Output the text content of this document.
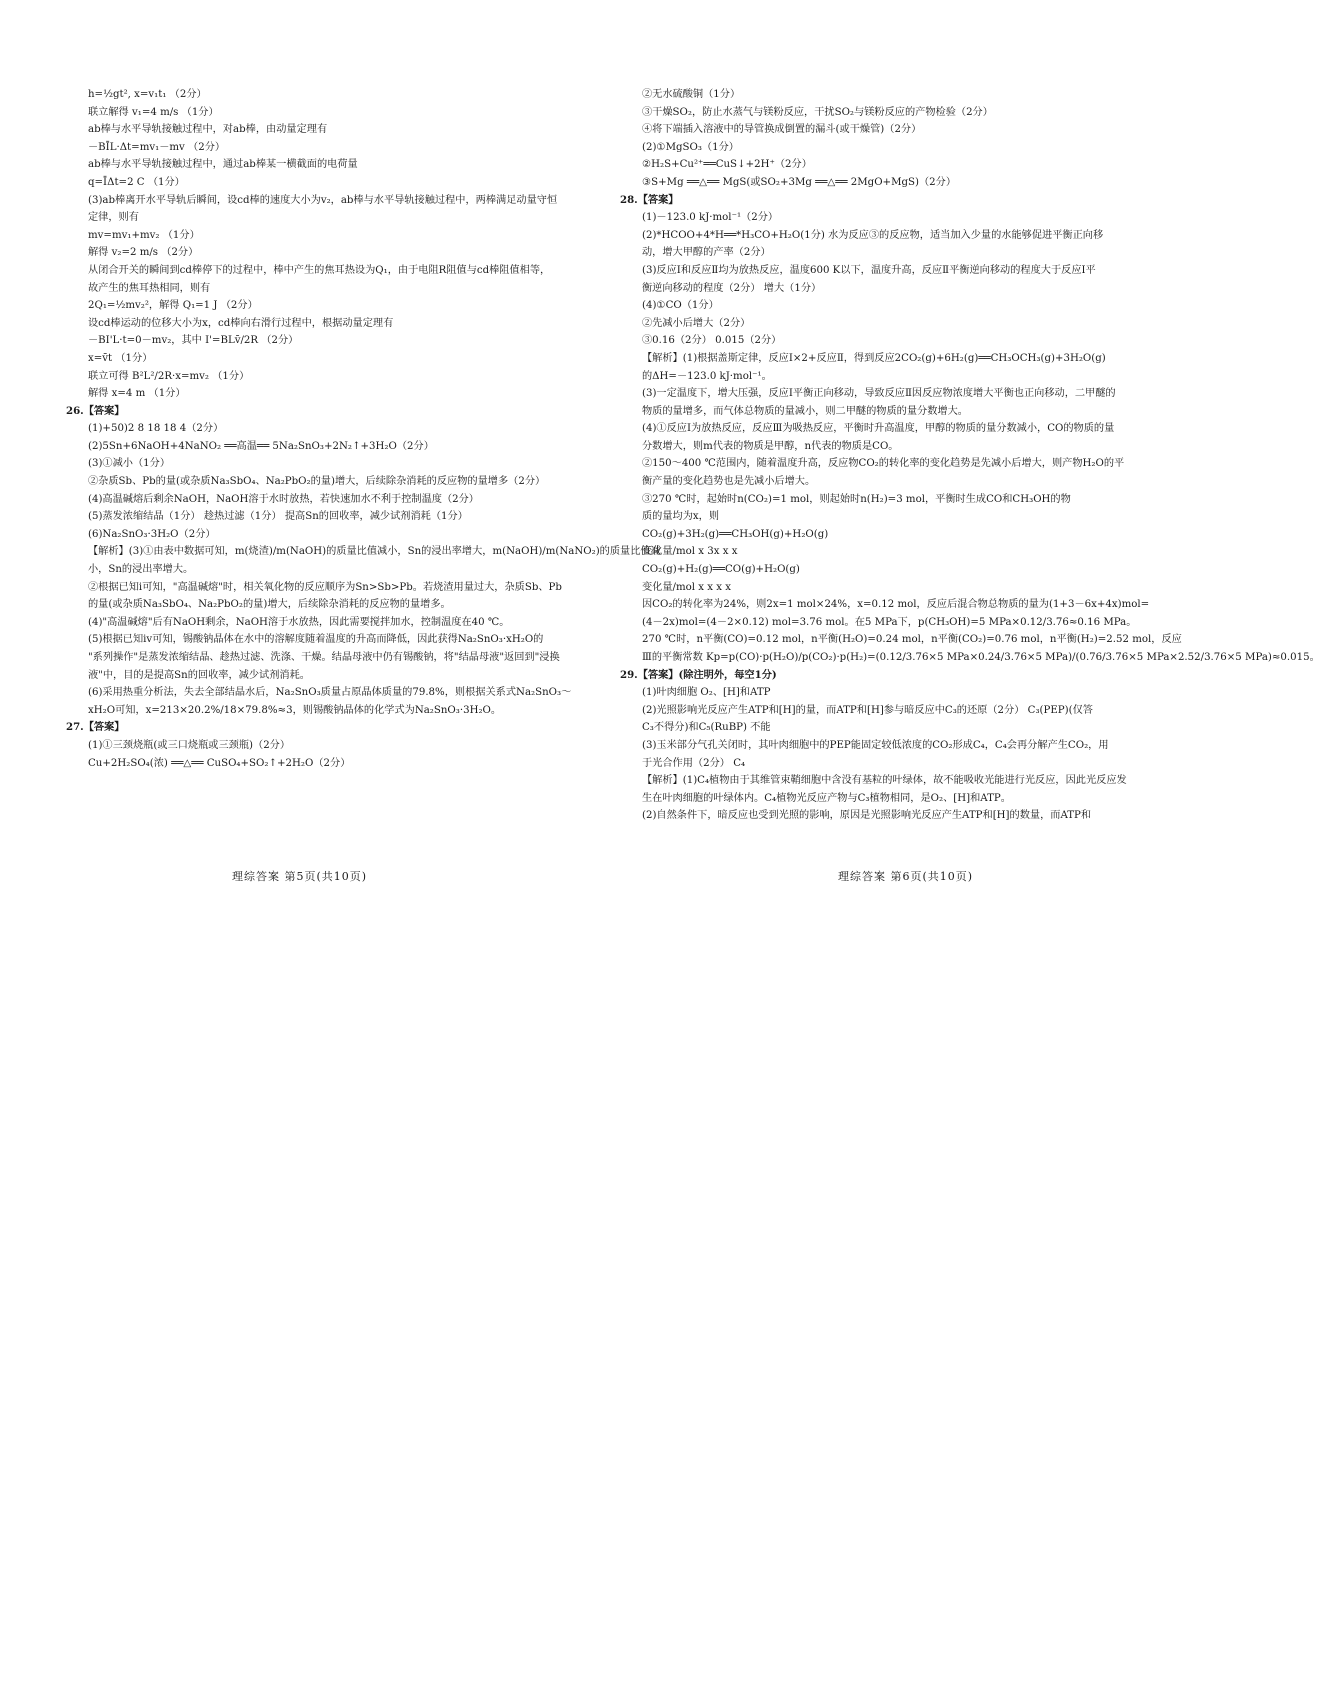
h=½gt², x=v₁t₁ （2分）
联立解得 v₁=4 m/s （1分）
ab棒与水平导轨接触过程中，对ab棒，由动量定理有
－BĪL·Δt=mv₁－mv （2分）
ab棒与水平导轨接触过程中，通过ab棒某一横截面的电荷量
q=ĪΔt=2 C （1分）
(3)ab棒离开水平导轨后瞬间，设cd棒的速度大小为v₂，ab棒与水平导轨接触过程中，两棒满足动量守恒
定律，则有
mv=mv₁+mv₂ （1分）
解得 v₂=2 m/s （2分）
从闭合开关的瞬间到cd棒停下的过程中，棒中产生的焦耳热设为Q₁，由于电阻R阻值与cd棒阻值相等，
故产生的焦耳热相同，则有
2Q₁=½mv₂²，解得 Q₁=1 J （2分）
设cd棒运动的位移大小为x，cd棒向右滑行过程中，根据动量定理有
－BI'L·t=0－mv₂，其中 I'=BLv̄/2R （2分）
x=v̄t （1分）
联立可得 B²L²/2R·x=mv₂ （1分）
解得 x=4 m （1分）
26.【答案】
(1)+50)2 8 18 18 4（2分）
(2)5Sn+6NaOH+4NaNO₂ ══高温══ 5Na₂SnO₃+2N₂↑+3H₂O（2分）
(3)①减小（1分）
②杂质Sb、Pb的量(或杂质Na₃SbO₄、Na₂PbO₂的量)增大，后续除杂消耗的反应物的量增多（2分）
(4)高温碱熔后剩余NaOH，NaOH溶于水时放热，若快速加水不利于控制温度（2分）
(5)蒸发浓缩结晶（1分） 趁热过滤（1分） 提高Sn的回收率，减少试剂消耗（1分）
(6)Na₂SnO₃·3H₂O（2分）
【解析】(3)①由表中数据可知，m(烧渣)/m(NaOH)的质量比值减小，Sn的浸出率增大，m(NaOH)/m(NaNO₂)的质量比值减
小，Sn的浸出率增大。
②根据已知ⅰ可知，"高温碱熔"时，相关氧化物的反应顺序为Sn>Sb>Pb。若烧渣用量过大，杂质Sb、Pb
的量(或杂质Na₃SbO₄、Na₂PbO₂的量)增大，后续除杂消耗的反应物的量增多。
(4)"高温碱熔"后有NaOH剩余，NaOH溶于水放热，因此需要搅拌加水，控制温度在40 ℃。
(5)根据已知ⅳ可知，锡酸钠晶体在水中的溶解度随着温度的升高而降低，因此获得Na₂SnO₃·xH₂O的
"系列操作"是蒸发浓缩结晶、趁热过滤、洗涤、干燥。结晶母液中仍有锡酸钠，将"结晶母液"返回到"浸换
液"中，目的是提高Sn的回收率，减少试剂消耗。
(6)采用热重分析法，失去全部结晶水后，Na₂SnO₃质量占原晶体质量的79.8%，则根据关系式Na₂SnO₃～
xH₂O可知，x=213×20.2%/18×79.8%≈3，则锡酸钠晶体的化学式为Na₂SnO₃·3H₂O。
27.【答案】
(1)①三颈烧瓶(或三口烧瓶或三颈瓶)（2分）
Cu+2H₂SO₄(浓) ══△══ CuSO₄+SO₂↑+2H₂O（2分）
②无水硫酸铜（1分）
③干燥SO₂，防止水蒸气与镁粉反应，干扰SO₂与镁粉反应的产物检验（2分）
④将下端插入溶液中的导管换成倒置的漏斗(或干燥管)（2分）
(2)①MgSO₃（1分）
②H₂S+Cu²⁺══CuS↓+2H⁺（2分）
③S+Mg ══△══ MgS(或SO₂+3Mg ══△══ 2MgO+MgS)（2分）
28.【答案】
(1)－123.0 kJ·mol⁻¹（2分）
(2)*HCOO+4*H══*H₃CO+H₂O(1分) 水为反应③的反应物，适当加入少量的水能够促进平衡正向移
动，增大甲醇的产率（2分）
(3)反应Ⅰ和反应Ⅱ均为放热反应，温度600 K以下，温度升高，反应Ⅱ平衡逆向移动的程度大于反应Ⅰ平
衡逆向移动的程度（2分） 增大（1分）
(4)①CO（1分）
②先减小后增大（2分）
③0.16（2分） 0.015（2分）
【解析】(1)根据盖斯定律，反应Ⅰ×2+反应Ⅱ，得到反应2CO₂(g)+6H₂(g)══CH₃OCH₃(g)+3H₂O(g)
的ΔH=－123.0 kJ·mol⁻¹。
(3)一定温度下，增大压强，反应Ⅰ平衡正向移动，导致反应Ⅱ因反应物浓度增大平衡也正向移动，二甲醚的
物质的量增多，而气体总物质的量减小，则二甲醚的物质的量分数增大。
(4)①反应Ⅰ为放热反应，反应Ⅲ为吸热反应，平衡时升高温度，甲醇的物质的量分数减小，CO的物质的量
分数增大，则m代表的物质是甲醇，n代表的物质是CO。
②150～400 ℃范围内，随着温度升高，反应物CO₂的转化率的变化趋势是先减小后增大，则产物H₂O的平
衡产量的变化趋势也是先减小后增大。
③270 ℃时，起始时n(CO₂)=1 mol，则起始时n(H₂)=3 mol，平衡时生成CO和CH₃OH的物
质的量均为x，则
CO₂(g)+3H₂(g)══CH₃OH(g)+H₂O(g)
变化量/mol x 3x x x
CO₂(g)+H₂(g)══CO(g)+H₂O(g)
变化量/mol x x x x
因CO₂的转化率为24%，则2x=1 mol×24%，x=0.12 mol，反应后混合物总物质的量为(1+3－6x+4x)mol=
(4－2x)mol=(4－2×0.12) mol=3.76 mol。在5 MPa下，p(CH₃OH)=5 MPa×0.12/3.76≈0.16 MPa。
270 ℃时，n平衡(CO)=0.12 mol，n平衡(H₂O)=0.24 mol，n平衡(CO₂)=0.76 mol，n平衡(H₂)=2.52 mol，反应
Ⅲ的平衡常数 Kp=p(CO)·p(H₂O)/p(CO₂)·p(H₂)=(0.12/3.76×5 MPa×0.24/3.76×5 MPa)/(0.76/3.76×5 MPa×2.52/3.76×5 MPa)≈0.015。
29.【答案】(除注明外，每空1分)
(1)叶肉细胞 O₂、[H]和ATP
(2)光照影响光反应产生ATP和[H]的量，而ATP和[H]参与暗反应中C₃的还原（2分） C₃(PEP)(仅答
C₃不得分)和C₅(RuBP) 不能
(3)玉米部分气孔关闭时，其叶肉细胞中的PEP能固定较低浓度的CO₂形成C₄，C₄会再分解产生CO₂，用
于光合作用（2分） C₄
【解析】(1)C₄植物由于其维管束鞘细胞中含没有基粒的叶绿体，故不能吸收光能进行光反应，因此光反应发
生在叶肉细胞的叶绿体内。C₄植物光反应产物与C₃植物相同，是O₂、[H]和ATP。
(2)自然条件下，暗反应也受到光照的影响，原因是光照影响光反应产生ATP和[H]的数量，而ATP和
理综答案 第5页(共10页)	理综答案 第6页(共10页)
